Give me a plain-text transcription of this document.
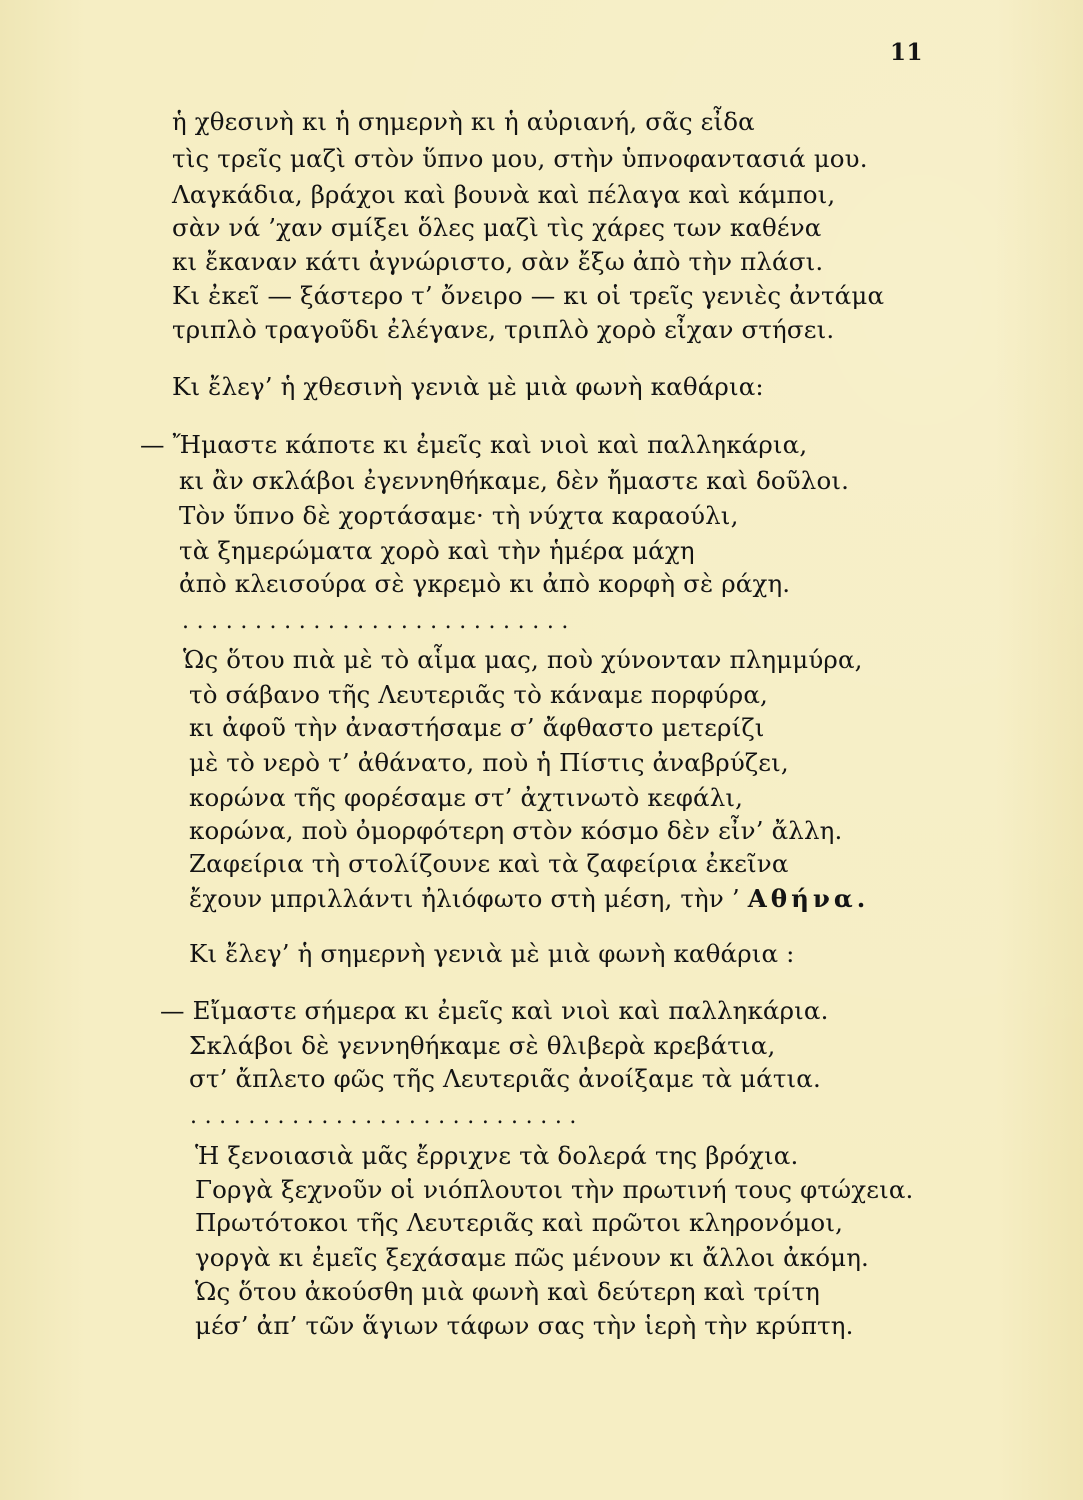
11
ἡ χθεσινὴ κι ἡ σημερνὴ κι ἡ αὐριανή, σᾶς εἶδα
τὶς τρεῖς μαζὶ στὸν ὕπνο μου, στὴν ὑπνοφαντασιά μου.
Λαγκάδια, βράχοι καὶ βουνὰ καὶ πέλαγα καὶ κάμποι,
σὰν νά ’χαν σμίξει ὅλες μαζὶ τὶς χάρες των καθένα
κι ἔκαναν κάτι ἀγνώριστο, σὰν ἔξω ἀπὸ τὴν πλάσι.
Κι ἐκεῖ — ξάστερο τ’ ὄνειρο — κι οἱ τρεῖς γενιὲς ἀντάμα
τριπλὸ τραγοῦδι ἐλέγανε, τριπλὸ χορὸ εἶχαν στήσει.
Κι ἔλεγ’ ἡ χθεσινὴ γενιὰ μὲ μιὰ φωνὴ καθάρια:
— Ἤμαστε κάποτε κι ἐμεῖς καὶ νιοὶ καὶ παλληκάρια,
κι ἂν σκλάβοι ἐγεννηθήκαμε, δὲν ἤμαστε καὶ δοῦλοι.
Τὸν ὕπνο δὲ χορτάσαμε· τὴ νύχτα καραούλι,
τὰ ξημερώματα χορὸ καὶ τὴν ἡμέρα μάχη
ἀπὸ κλεισούρα σὲ γκρεμὸ κι ἀπὸ κορφὴ σὲ ράχη.
...........................
Ὡς ὅτου πιὰ μὲ τὸ αἷμα μας, ποὺ χύνονταν πλημμύρα,
τὸ σάβανο τῆς Λευτεριᾶς τὸ κάναμε πορφύρα,
κι ἀφοῦ τὴν ἀναστήσαμε σ’ ἄφθαστο μετερίζι
μὲ τὸ νερὸ τ’ ἀθάνατο, ποὺ ἡ Πίστις ἀναβρύζει,
κορώνα τῆς φορέσαμε στ’ ἀχτινωτὸ κεφάλι,
κορώνα, ποὺ ὀμορφότερη στὸν κόσμο δὲν εἶν’ ἄλλη.
Ζαφείρια τὴ στολίζουνε καὶ τὰ ζαφείρια ἐκεῖνα
ἔχουν μπριλλάντι ἠλιόφωτο στὴ μέση, τὴν ’ Αθήνα.
Κι ἔλεγ’ ἡ σημερνὴ γενιὰ μὲ μιὰ φωνὴ καθάρια :
— Εἴμαστε σήμερα κι ἐμεῖς καὶ νιοὶ καὶ παλληκάρια.
Σκλάβοι δὲ γεννηθήκαμε σὲ θλιβερὰ κρεβάτια,
στ’ ἄπλετο φῶς τῆς Λευτεριᾶς ἀνοίξαμε τὰ μάτια.
...........................
Ἡ ξενοιασιὰ μᾶς ἔρριχνε τὰ δολερά της βρόχια.
Γοργὰ ξεχνοῦν οἱ νιόπλουτοι τὴν πρωτινή τους φτώχεια.
Πρωτότοκοι τῆς Λευτεριᾶς καὶ πρῶτοι κληρονόμοι,
γοργὰ κι ἐμεῖς ξεχάσαμε πῶς μένουν κι ἄλλοι ἀκόμη.
Ὡς ὅτου ἀκούσθη μιὰ φωνὴ καὶ δεύτερη καὶ τρίτη
μέσ’ ἀπ’ τῶν ἅγιων τάφων σας τὴν ἱερὴ τὴν κρύπτη.
